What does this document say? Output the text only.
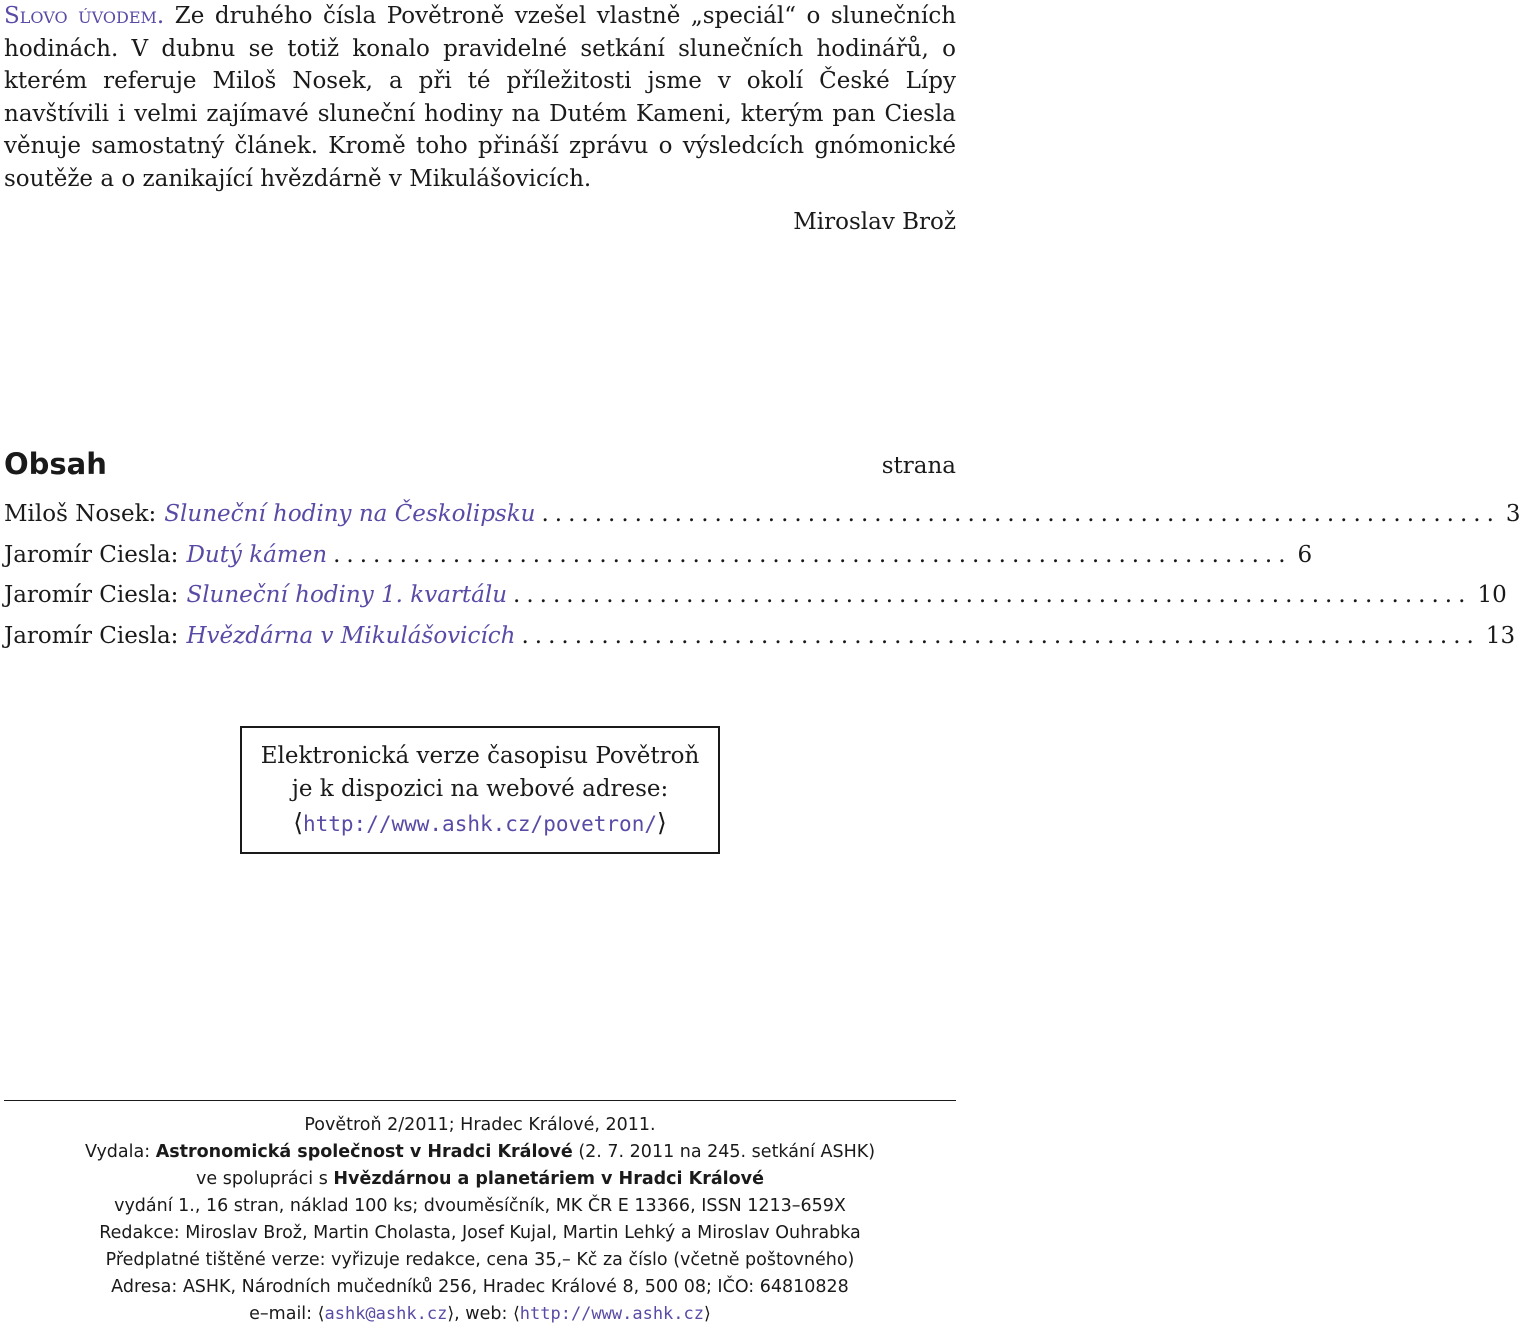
Slovo úvodem. Ze druhého čísla Povětroně vzešel vlastně „speciál“ o slunečních hodinách. V dubnu se totiž konalo pravidelné setkání slunečních hodinářů, o kterém referuje Miloš Nosek, a při té příležitosti jsme v okolí České Lípy navštívili i velmi zajímavé sluneční hodiny na Dutém Kameni, kterým pan Ciesla věnuje samostatný článek. Kromě toho přináší zprávu o výsledcích gnómonické soutěže a o zanikající hvězdárně v Mikulášovicích.

Miroslav Brož
Obsah	strana
Miloš Nosek: Sluneční hodiny na Českolipsku ........................................................................ 3
Jaromír Ciesla: Dutý kámen ........................................................................ 6
Jaromír Ciesla: Sluneční hodiny 1. kvartálu ........................................................................ 10
Jaromír Ciesla: Hvězdárna v Mikulášovicích ........................................................................ 13
Elektronická verze časopisu Povětroň
je k dispozici na webové adrese:
⟨http://www.ashk.cz/povetron/⟩
Povětroň 2/2011; Hradec Králové, 2011.
Vydala: Astronomická společnost v Hradci Králové (2. 7. 2011 na 245. setkání ASHK)
ve spolupráci s Hvězdárnou a planetáriem v Hradci Králové
vydání 1., 16 stran, náklad 100 ks; dvouměsíčník, MK ČR E 13366, ISSN 1213–659X
Redakce: Miroslav Brož, Martin Cholasta, Josef Kujal, Martin Lehký a Miroslav Ouhrabka
Předplatné tištěné verze: vyřizuje redakce, cena 35,– Kč za číslo (včetně poštovného)
Adresa: ASHK, Národních mučedníků 256, Hradec Králové 8, 500 08; IČO: 64810828
e–mail: ⟨ashk@ashk.cz⟩, web: ⟨http://www.ashk.cz⟩
